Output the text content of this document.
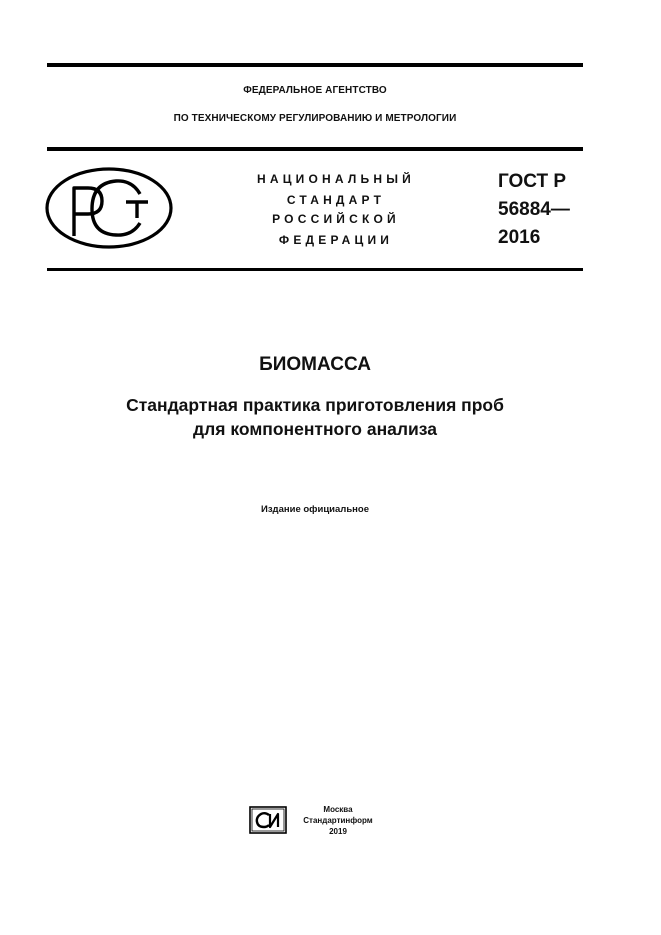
ФЕДЕРАЛЬНОЕ АГЕНТСТВО
ПО ТЕХНИЧЕСКОМУ РЕГУЛИРОВАНИЮ И МЕТРОЛОГИИ
НАЦИОНАЛЬНЫЙ
СТАНДАРТ
РОССИЙСКОЙ
ФЕДЕРАЦИИ
ГОСТ Р
56884—
2016
БИОМАССА
Стандартная практика приготовления проб
для компонентного анализа
Издание официальное
Москва
Стандартинформ
2019
